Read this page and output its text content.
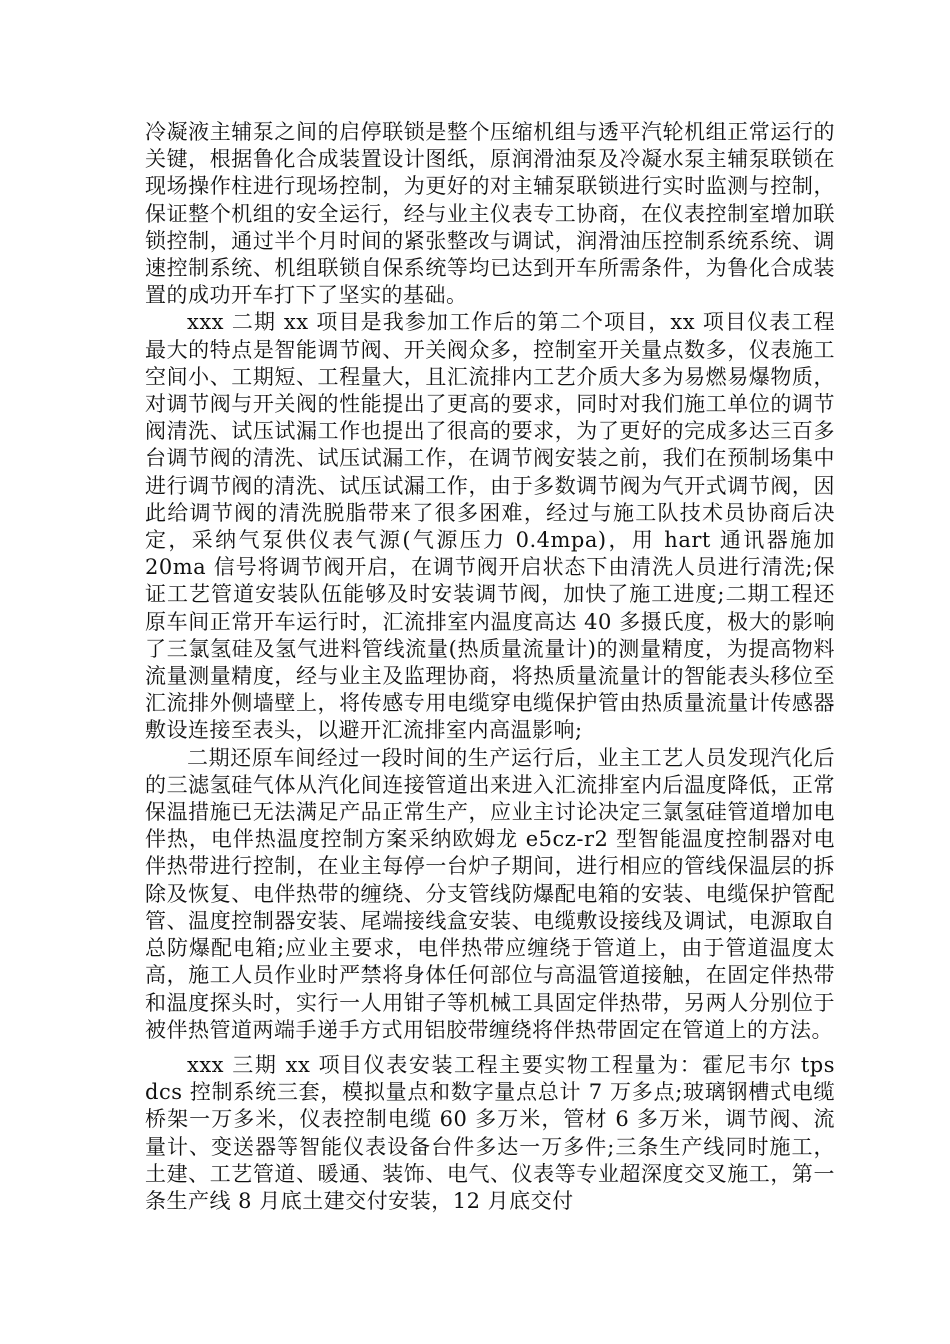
冷凝液主辅泵之间的启停联锁是整个压缩机组与透平汽轮机组正常运行的关键，根据鲁化合成装置设计图纸，原润滑油泵及冷凝水泵主辅泵联锁在现场操作柱进行现场控制，为更好的对主辅泵联锁进行实时监测与控制，保证整个机组的安全运行，经与业主仪表专工协商，在仪表控制室增加联锁控制，通过半个月时间的紧张整改与调试，润滑油压控制系统系统、调速控制系统、机组联锁自保系统等均已达到开车所需条件，为鲁化合成装置的成功开车打下了坚实的基础。

xxx 二期 xx 项目是我参加工作后的第二个项目，xx 项目仪表工程最大的特点是智能调节阀、开关阀众多，控制室开关量点数多，仪表施工空间小、工期短、工程量大，且汇流排内工艺介质大多为易燃易爆物质，对调节阀与开关阀的性能提出了更高的要求，同时对我们施工单位的调节阀清洗、试压试漏工作也提出了很高的要求，为了更好的完成多达三百多台调节阀的清洗、试压试漏工作，在调节阀安装之前，我们在预制场集中进行调节阀的清洗、试压试漏工作，由于多数调节阀为气开式调节阀，因此给调节阀的清洗脱脂带来了很多困难，经过与施工队技术员协商后决定，采纳气泵供仪表气源(气源压力 0.4mpa)，用 hart 通讯器施加 20ma 信号将调节阀开启，在调节阀开启状态下由清洗人员进行清洗;保证工艺管道安装队伍能够及时安装调节阀，加快了施工进度;二期工程还原车间正常开车运行时，汇流排室内温度高达 40 多摄氏度，极大的影响了三氯氢硅及氢气进料管线流量(热质量流量计)的测量精度，为提高物料流量测量精度，经与业主及监理协商，将热质量流量计的智能表头移位至汇流排外侧墙壁上，将传感专用电缆穿电缆保护管由热质量流量计传感器敷设连接至表头，以避开汇流排室内高温影响;

二期还原车间经过一段时间的生产运行后，业主工艺人员发现汽化后的三滤氢硅气体从汽化间连接管道出来进入汇流排室内后温度降低，正常保温措施已无法满足产品正常生产，应业主讨论决定三氯氢硅管道增加电伴热，电伴热温度控制方案采纳欧姆龙 e5cz-r2 型智能温度控制器对电伴热带进行控制，在业主每停一台炉子期间，进行相应的管线保温层的拆除及恢复、电伴热带的缠绕、分支管线防爆配电箱的安装、电缆保护管配管、温度控制器安装、尾端接线盒安装、电缆敷设接线及调试，电源取自总防爆配电箱;应业主要求，电伴热带应缠绕于管道上，由于管道温度太高，施工人员作业时严禁将身体任何部位与高温管道接触，在固定伴热带和温度探头时，实行一人用钳子等机械工具固定伴热带，另两人分别位于被伴热管道两端手递手方式用铝胶带缠绕将伴热带固定在管道上的方法。

xxx 三期 xx 项目仪表安装工程主要实物工程量为：霍尼韦尔 tps dcs 控制系统三套，模拟量点和数字量点总计 7 万多点;玻璃钢槽式电缆桥架一万多米，仪表控制电缆 60 多万米，管材 6 多万米，调节阀、流量计、变送器等智能仪表设备台件多达一万多件;三条生产线同时施工，土建、工艺管道、暖通、装饰、电气、仪表等专业超深度交叉施工，第一条生产线 8 月底土建交付安装，12 月底交付
